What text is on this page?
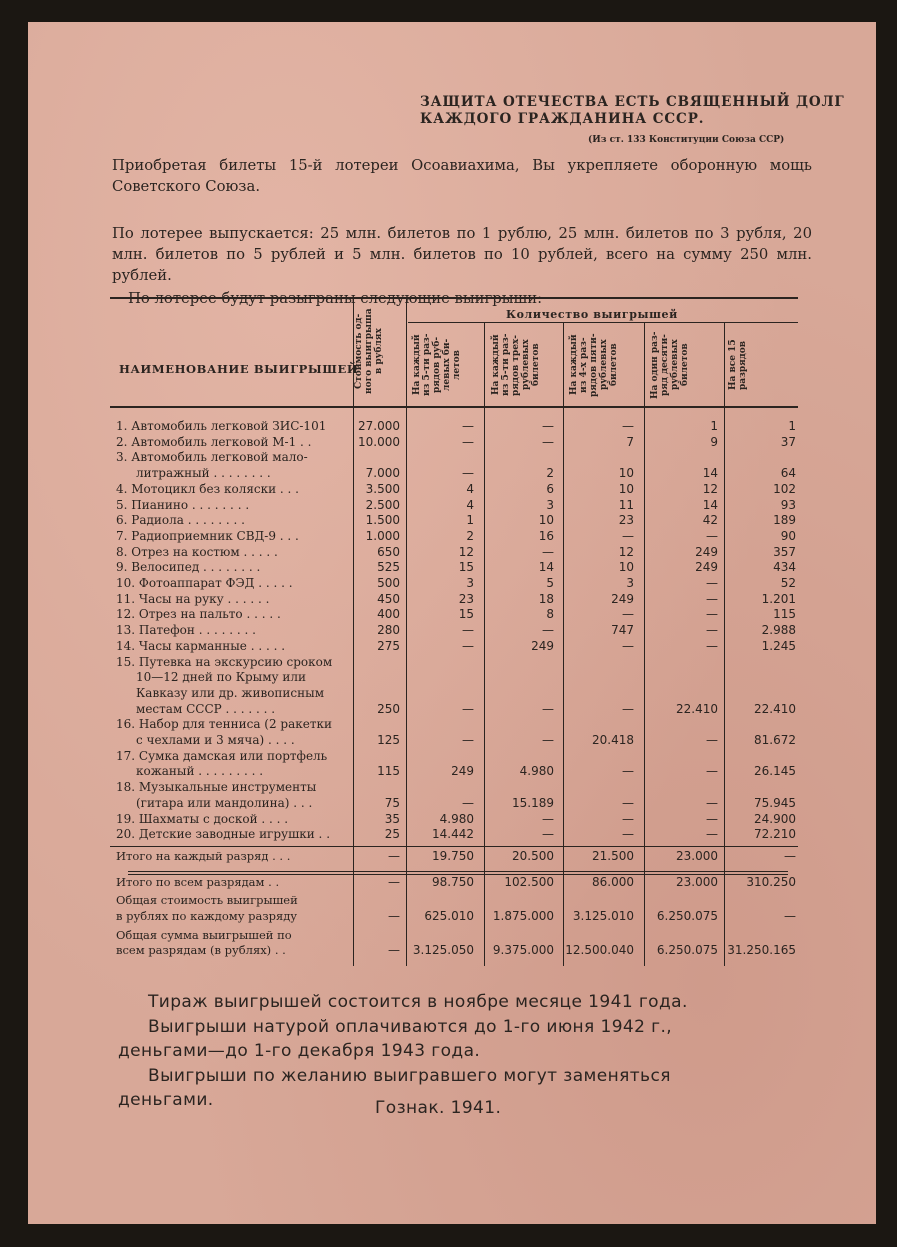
ЗАЩИТА ОТЕЧЕСТВА ЕСТЬ СВЯЩЕННЫЙ ДОЛГ
КАЖДОГО ГРАЖДАНИНА СССР.
(Из ст. 133 Конституции Союза ССР)
Приобретая билеты 15-й лотереи Осоавиахима, Вы укрепляете оборонную мощь Советского Союза.
По лотерее выпускается: 25 млн. билетов по 1 рублю, 25 млн. билетов по 3 рубля, 20 млн. билетов по 5 рублей и 5 млн. билетов по 10 рублей, всего на сумму 250 млн. рублей.
По лотерее будут разыграны следующие выигрыши:
НАИМЕНОВАНИЕ ВЫИГРЫШЕЙ
Количество выигрышей
Стоимость од-ного выигрыша в рублях	На каждый из 5-ти раз-рядов руб-левых би-летов	На каждый из 5-ти раз-рядов трех-рублевых билетов	На каждый из 4-х раз-рядов пяти-рублевых билетов	На один раз-ряд десяти-рублевых билетов	На все 15 разрядов
1. Автомобиль легковой ЗИС-101	27.000	—	—	—	1	1
2. Автомобиль легковой М-1 . .	10.000	—	—	7	9	37
3. Автомобиль легковой мало-
литражный . . . . . . . .	7.000	—	2	10	14	64
4. Мотоцикл без коляски . . .	3.500	4	6	10	12	102
5. Пианино . . . . . . . .	2.500	4	3	11	14	93
6. Радиола . . . . . . . .	1.500	1	10	23	42	189
7. Радиоприемник СВД-9 . . .	1.000	2	16	—	—	90
8. Отрез на костюм . . . . .	650	12	—	12	249	357
9. Велосипед . . . . . . . .	525	15	14	10	249	434
10. Фотоаппарат ФЭД . . . . .	500	3	5	3	—	52
11. Часы на руку . . . . . .	450	23	18	249	—	1.201
12. Отрез на пальто . . . . .	400	15	8	—	—	115
13. Патефон . . . . . . . .	280	—	—	747	—	2.988
14. Часы карманные . . . . .	275	—	249	—	—	1.245
15. Путевка на экскурсию сроком
10—12 дней по Крыму или
Кавказу или др. живописным
местам СССР . . . . . . .	250	—	—	—	22.410	22.410
16. Набор для тенниса (2 ракетки
с чехлами и 3 мяча) . . . .	125	—	—	20.418	—	81.672
17. Сумка дамская или портфель
кожаный . . . . . . . . .	115	249	4.980	—	—	26.145
18. Музыкальные инструменты
(гитара или мандолина) . . .	75	—	15.189	—	—	75.945
19. Шахматы с доской . . . .	35	4.980	—	—	—	24.900
20. Детские заводные игрушки . .	25	14.442	—	—	—	72.210
Итого на каждый разряд . . .	—	19.750	20.500	21.500	23.000	—
Итого по всем разрядам . .	—	98.750	102.500	86.000	23.000 310.250
Общая стоимость выигрышей
в рублях по каждому разряду	— 625.010 1.875.000 3.125.010 6.250.075	—
Общая сумма выигрышей по
всем разрядам (в рублях) . .	— 3.125.050 9.375.000 12.500.040 6.250.075 31.250.165
Тираж выигрышей состоится в ноябре месяце 1941 года.
Выигрыши натурой оплачиваются до 1-го июня 1942 г.,
деньгами—до 1-го декабря 1943 года.
Выигрыши по желанию выигравшего могут заменяться
деньгами.	Гознак. 1941.
